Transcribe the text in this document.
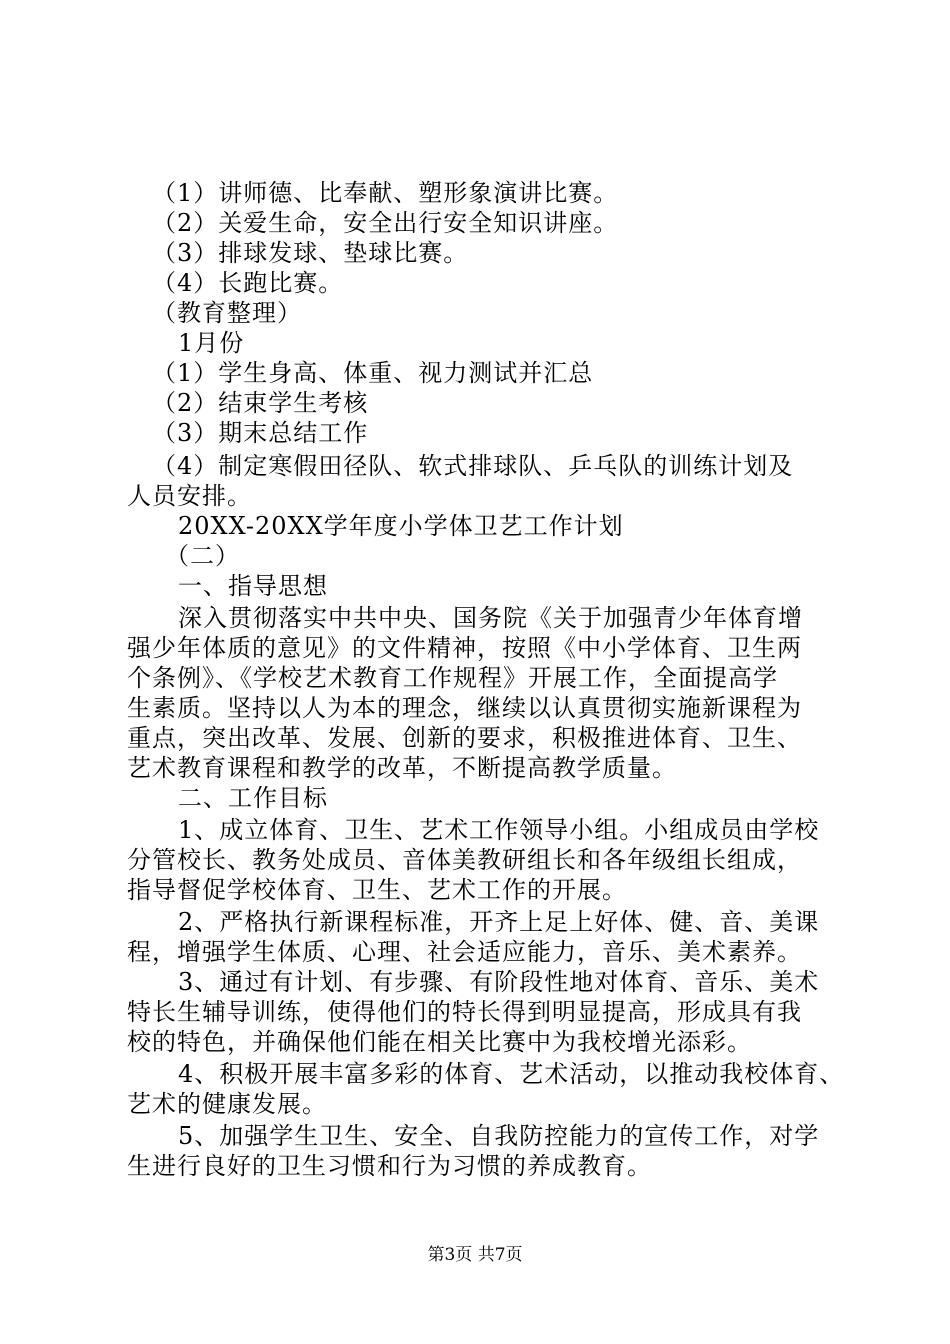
（1）讲师德、比奉献、塑形象演讲比赛。
（2）关爱生命，安全出行安全知识讲座。
（3）排球发球、垫球比赛。
（4）长跑比赛。
（教育整理）
1月份
（1）学生身高、体重、视力测试并汇总
（2）结束学生考核
（3）期末总结工作
（4）制定寒假田径队、软式排球队、乒乓队的训练计划及
人员安排。
20XX-20XX学年度小学体卫艺工作计划
（二）
一、指导思想
深入贯彻落实中共中央、国务院《关于加强青少年体育增
强少年体质的意见》的文件精神，按照《中小学体育、卫生两
个条例》、《学校艺术教育工作规程》开展工作，全面提高学
生素质。坚持以人为本的理念，继续以认真贯彻实施新课程为
重点，突出改革、发展、创新的要求，积极推进体育、卫生、
艺术教育课程和教学的改革，不断提高教学质量。
二、工作目标
1、成立体育、卫生、艺术工作领导小组。小组成员由学校
分管校长、教务处成员、音体美教研组长和各年级组长组成，
指导督促学校体育、卫生、艺术工作的开展。
2、严格执行新课程标准，开齐上足上好体、健、音、美课
程，增强学生体质、心理、社会适应能力，音乐、美术素养。
3、通过有计划、有步骤、有阶段性地对体育、音乐、美术
特长生辅导训练，使得他们的特长得到明显提高，形成具有我
校的特色，并确保他们能在相关比赛中为我校增光添彩。
4、积极开展丰富多彩的体育、艺术活动，以推动我校体育、
艺术的健康发展。
5、加强学生卫生、安全、自我防控能力的宣传工作，对学
生进行良好的卫生习惯和行为习惯的养成教育。
第3页 共7页
